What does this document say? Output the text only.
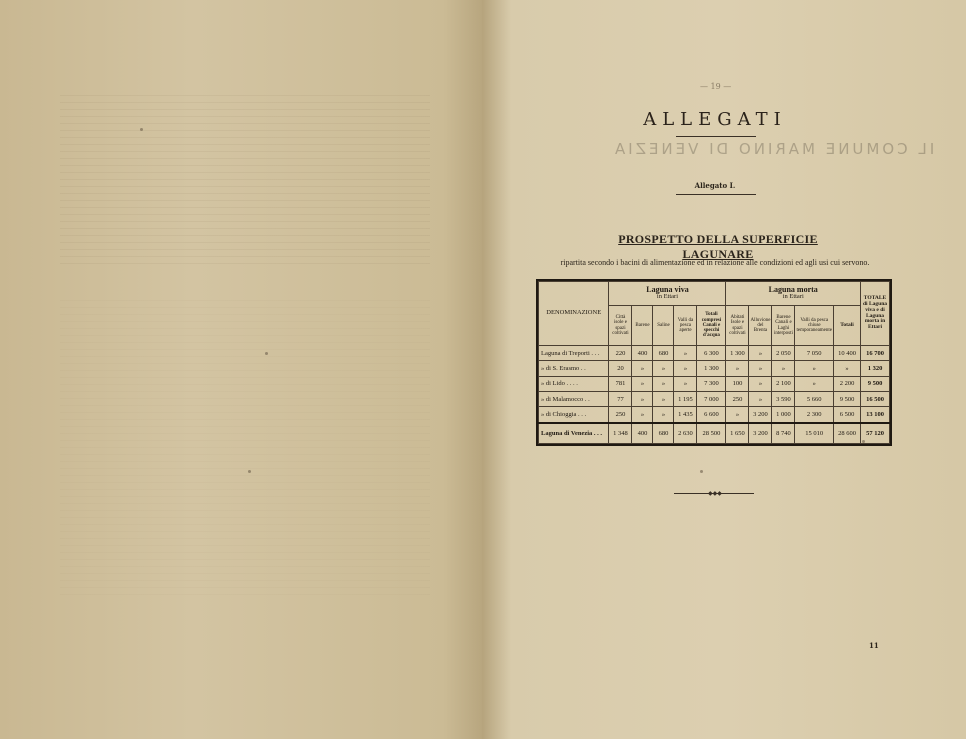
— 19 —
ALLEGATI
IL COMUNE MARINO DI VENEZIA
Allegato I.
PROSPETTO DELLA SUPERFICIE LAGUNARE
ripartita secondo i bacini di alimentazione ed in relazione alle condizioni ed agli usi cui servono.
DENOMINAZIONE	Laguna viva
in Ettari					Laguna morta
in Ettari					TOTALE di Laguna viva e di Laguna morta in Ettari
	Città isole e spazi coltivati	Barene	Saline	Valli da pesca aperte	Totali compresi Canali e specchi d'acqua	Abitati Isole e spazi coltivati	Alluvione del Brenta	Barene Canali e Laghi interposti	Valli da pesca chiuse temporaneamente	Totali	
Laguna di Treporti . . .	220	400	680	»	6 300	1 300	»	2 050	7 050	10 400	16 700
» di S. Erasmo . .	20	»	»	»	1 300	»	»	»	»	»	1 320
» di Lido . . . .	781	»	»	»	7 300	100	»	2 100	»	2 200	9 500
» di Malamocco . .	77	»	»	1 195	7 000	250	»	3 590	5 660	9 500	16 500
» di Chioggia . . .	250	»	»	1 435	6 600	»	3 200	1 000	2 300	6 500	13 100
Laguna di Venezia . . .	1 348	400	680	2 630	28 500	1 650	3 200	8 740	15 010	28 600	57 120
◆◆◆
11
